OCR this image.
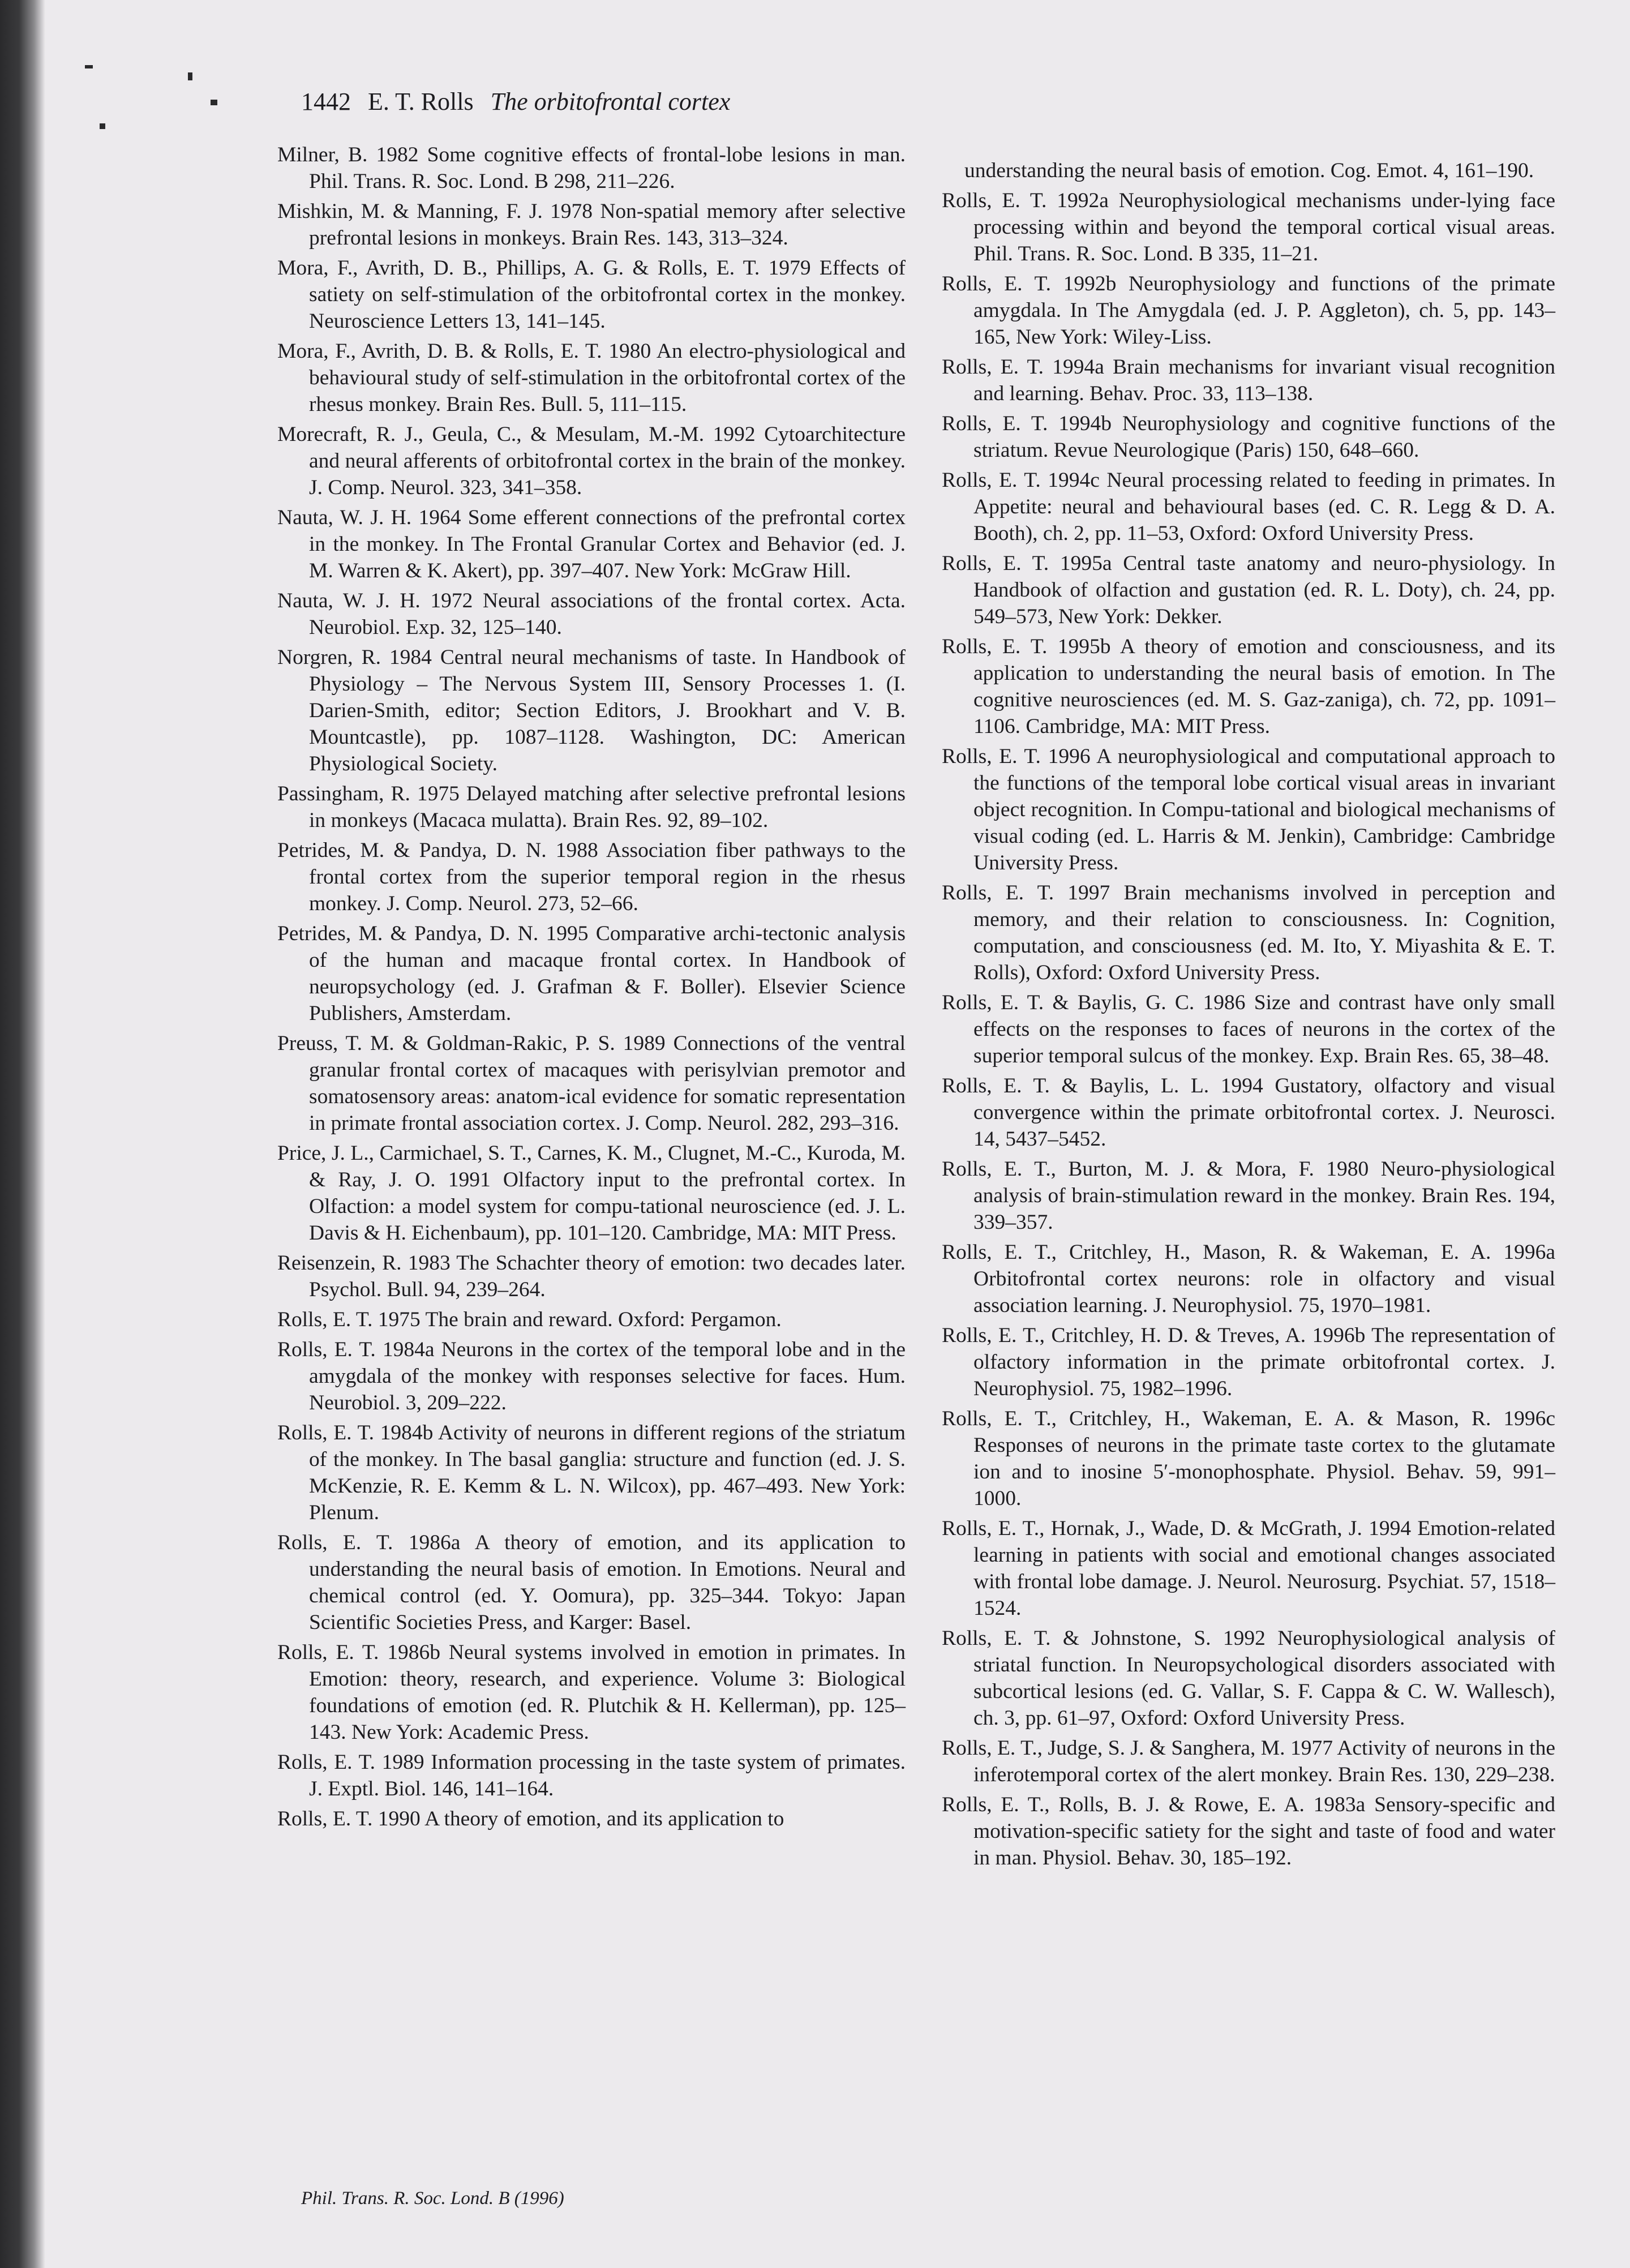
1442 E. T. Rolls The orbitofrontal cortex

Milner, B. 1982 Some cognitive effects of frontal-lobe lesions in man. Phil. Trans. R. Soc. Lond. B 298, 211–226.

Mishkin, M. & Manning, F. J. 1978 Non-spatial memory after selective prefrontal lesions in monkeys. Brain Res. 143, 313–324.

Mora, F., Avrith, D. B., Phillips, A. G. & Rolls, E. T. 1979 Effects of satiety on self-stimulation of the orbitofrontal cortex in the monkey. Neuroscience Letters 13, 141–145.

Mora, F., Avrith, D. B. & Rolls, E. T. 1980 An electro-physiological and behavioural study of self-stimulation in the orbitofrontal cortex of the rhesus monkey. Brain Res. Bull. 5, 111–115.

Morecraft, R. J., Geula, C., & Mesulam, M.-M. 1992 Cytoarchitecture and neural afferents of orbitofrontal cortex in the brain of the monkey. J. Comp. Neurol. 323, 341–358.

Nauta, W. J. H. 1964 Some efferent connections of the prefrontal cortex in the monkey. In The Frontal Granular Cortex and Behavior (ed. J. M. Warren & K. Akert), pp. 397–407. New York: McGraw Hill.

Nauta, W. J. H. 1972 Neural associations of the frontal cortex. Acta. Neurobiol. Exp. 32, 125–140.

Norgren, R. 1984 Central neural mechanisms of taste. In Handbook of Physiology – The Nervous System III, Sensory Processes 1. (I. Darien-Smith, editor; Section Editors, J. Brookhart and V. B. Mountcastle), pp. 1087–1128. Washington, DC: American Physiological Society.

Passingham, R. 1975 Delayed matching after selective prefrontal lesions in monkeys (Macaca mulatta). Brain Res. 92, 89–102.

Petrides, M. & Pandya, D. N. 1988 Association fiber pathways to the frontal cortex from the superior temporal region in the rhesus monkey. J. Comp. Neurol. 273, 52–66.

Petrides, M. & Pandya, D. N. 1995 Comparative archi-tectonic analysis of the human and macaque frontal cortex. In Handbook of neuropsychology (ed. J. Grafman & F. Boller). Elsevier Science Publishers, Amsterdam.

Preuss, T. M. & Goldman-Rakic, P. S. 1989 Connections of the ventral granular frontal cortex of macaques with perisylvian premotor and somatosensory areas: anatom-ical evidence for somatic representation in primate frontal association cortex. J. Comp. Neurol. 282, 293–316.

Price, J. L., Carmichael, S. T., Carnes, K. M., Clugnet, M.-C., Kuroda, M. & Ray, J. O. 1991 Olfactory input to the prefrontal cortex. In Olfaction: a model system for compu-tational neuroscience (ed. J. L. Davis & H. Eichenbaum), pp. 101–120. Cambridge, MA: MIT Press.

Reisenzein, R. 1983 The Schachter theory of emotion: two decades later. Psychol. Bull. 94, 239–264.

Rolls, E. T. 1975 The brain and reward. Oxford: Pergamon.

Rolls, E. T. 1984a Neurons in the cortex of the temporal lobe and in the amygdala of the monkey with responses selective for faces. Hum. Neurobiol. 3, 209–222.

Rolls, E. T. 1984b Activity of neurons in different regions of the striatum of the monkey. In The basal ganglia: structure and function (ed. J. S. McKenzie, R. E. Kemm & L. N. Wilcox), pp. 467–493. New York: Plenum.

Rolls, E. T. 1986a A theory of emotion, and its application to understanding the neural basis of emotion. In Emotions. Neural and chemical control (ed. Y. Oomura), pp. 325–344. Tokyo: Japan Scientific Societies Press, and Karger: Basel.

Rolls, E. T. 1986b Neural systems involved in emotion in primates. In Emotion: theory, research, and experience. Volume 3: Biological foundations of emotion (ed. R. Plutchik & H. Kellerman), pp. 125–143. New York: Academic Press.

Rolls, E. T. 1989 Information processing in the taste system of primates. J. Exptl. Biol. 146, 141–164.

Rolls, E. T. 1990 A theory of emotion, and its application to

understanding the neural basis of emotion. Cog. Emot. 4, 161–190.

Rolls, E. T. 1992a Neurophysiological mechanisms under-lying face processing within and beyond the temporal cortical visual areas. Phil. Trans. R. Soc. Lond. B 335, 11–21.

Rolls, E. T. 1992b Neurophysiology and functions of the primate amygdala. In The Amygdala (ed. J. P. Aggleton), ch. 5, pp. 143–165, New York: Wiley-Liss.

Rolls, E. T. 1994a Brain mechanisms for invariant visual recognition and learning. Behav. Proc. 33, 113–138.

Rolls, E. T. 1994b Neurophysiology and cognitive functions of the striatum. Revue Neurologique (Paris) 150, 648–660.

Rolls, E. T. 1994c Neural processing related to feeding in primates. In Appetite: neural and behavioural bases (ed. C. R. Legg & D. A. Booth), ch. 2, pp. 11–53, Oxford: Oxford University Press.

Rolls, E. T. 1995a Central taste anatomy and neuro-physiology. In Handbook of olfaction and gustation (ed. R. L. Doty), ch. 24, pp. 549–573, New York: Dekker.

Rolls, E. T. 1995b A theory of emotion and consciousness, and its application to understanding the neural basis of emotion. In The cognitive neurosciences (ed. M. S. Gaz-zaniga), ch. 72, pp. 1091–1106. Cambridge, MA: MIT Press.

Rolls, E. T. 1996 A neurophysiological and computational approach to the functions of the temporal lobe cortical visual areas in invariant object recognition. In Compu-tational and biological mechanisms of visual coding (ed. L. Harris & M. Jenkin), Cambridge: Cambridge University Press.

Rolls, E. T. 1997 Brain mechanisms involved in perception and memory, and their relation to consciousness. In: Cognition, computation, and consciousness (ed. M. Ito, Y. Miyashita & E. T. Rolls), Oxford: Oxford University Press.

Rolls, E. T. & Baylis, G. C. 1986 Size and contrast have only small effects on the responses to faces of neurons in the cortex of the superior temporal sulcus of the monkey. Exp. Brain Res. 65, 38–48.

Rolls, E. T. & Baylis, L. L. 1994 Gustatory, olfactory and visual convergence within the primate orbitofrontal cortex. J. Neurosci. 14, 5437–5452.

Rolls, E. T., Burton, M. J. & Mora, F. 1980 Neuro-physiological analysis of brain-stimulation reward in the monkey. Brain Res. 194, 339–357.

Rolls, E. T., Critchley, H., Mason, R. & Wakeman, E. A. 1996a Orbitofrontal cortex neurons: role in olfactory and visual association learning. J. Neurophysiol. 75, 1970–1981.

Rolls, E. T., Critchley, H. D. & Treves, A. 1996b The representation of olfactory information in the primate orbitofrontal cortex. J. Neurophysiol. 75, 1982–1996.

Rolls, E. T., Critchley, H., Wakeman, E. A. & Mason, R. 1996c Responses of neurons in the primate taste cortex to the glutamate ion and to inosine 5′-monophosphate. Physiol. Behav. 59, 991–1000.

Rolls, E. T., Hornak, J., Wade, D. & McGrath, J. 1994 Emotion-related learning in patients with social and emotional changes associated with frontal lobe damage. J. Neurol. Neurosurg. Psychiat. 57, 1518–1524.

Rolls, E. T. & Johnstone, S. 1992 Neurophysiological analysis of striatal function. In Neuropsychological disorders associated with subcortical lesions (ed. G. Vallar, S. F. Cappa & C. W. Wallesch), ch. 3, pp. 61–97, Oxford: Oxford University Press.

Rolls, E. T., Judge, S. J. & Sanghera, M. 1977 Activity of neurons in the inferotemporal cortex of the alert monkey. Brain Res. 130, 229–238.

Rolls, E. T., Rolls, B. J. & Rowe, E. A. 1983a Sensory-specific and motivation-specific satiety for the sight and taste of food and water in man. Physiol. Behav. 30, 185–192.

Phil. Trans. R. Soc. Lond. B (1996)
